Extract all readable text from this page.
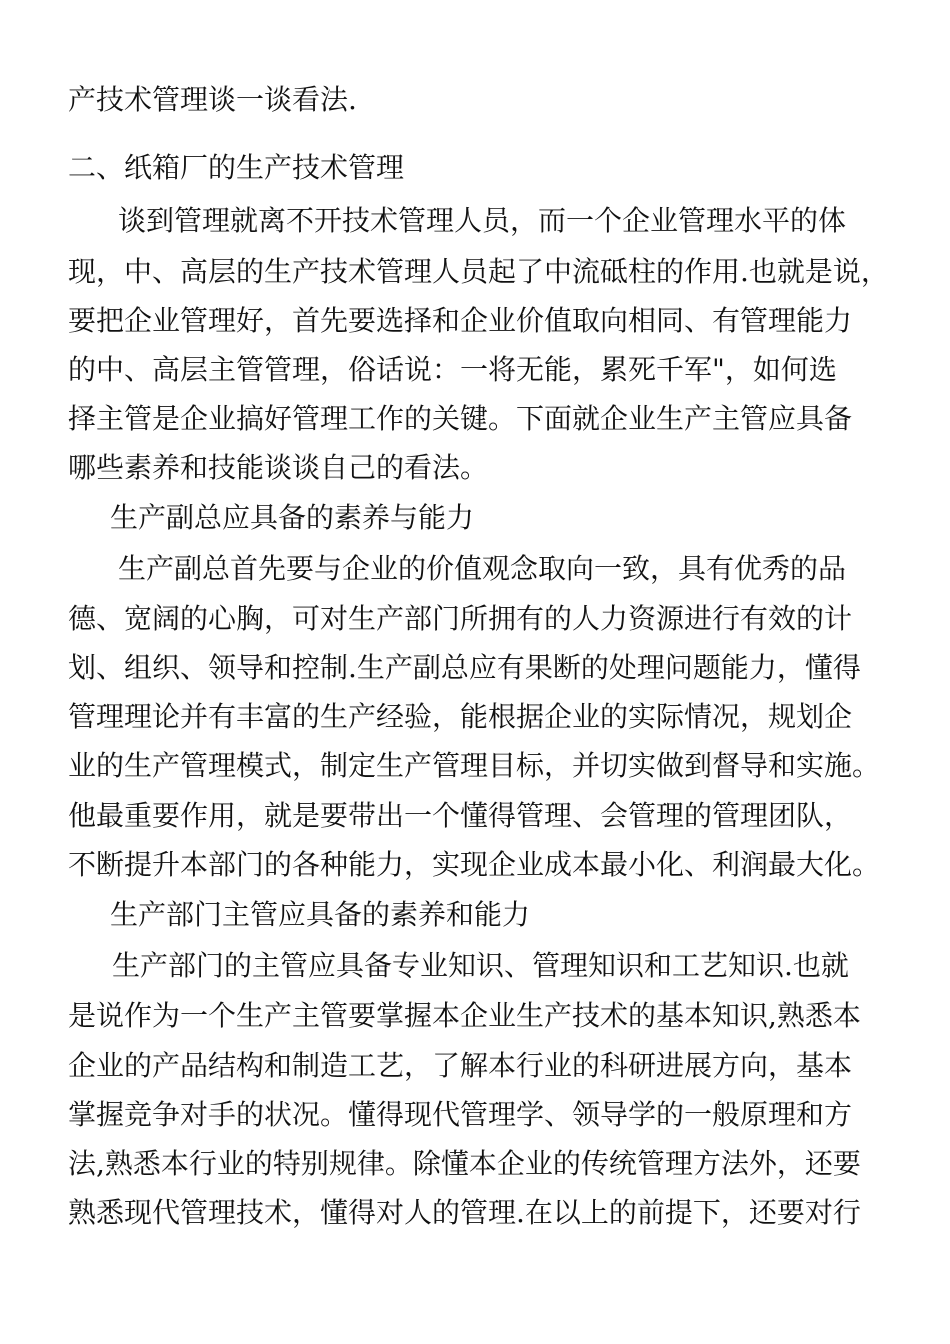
产技术管理谈一谈看法.
二、纸箱厂的生产技术管理
谈到管理就离不开技术管理人员，而一个企业管理水平的体
现，中、高层的生产技术管理人员起了中流砥柱的作用.也就是说，
要把企业管理好，首先要选择和企业价值取向相同、有管理能力
的中、高层主管管理，俗话说：一将无能，累死千军"，如何选
择主管是企业搞好管理工作的关键。下面就企业生产主管应具备
哪些素养和技能谈谈自己的看法。
生产副总应具备的素养与能力
生产副总首先要与企业的价值观念取向一致，具有优秀的品
德、宽阔的心胸，可对生产部门所拥有的人力资源进行有效的计
划、组织、领导和控制.生产副总应有果断的处理问题能力，懂得
管理理论并有丰富的生产经验，能根据企业的实际情况，规划企
业的生产管理模式，制定生产管理目标，并切实做到督导和实施。
他最重要作用，就是要带出一个懂得管理、会管理的管理团队，
不断提升本部门的各种能力，实现企业成本最小化、利润最大化。
生产部门主管应具备的素养和能力
生产部门的主管应具备专业知识、管理知识和工艺知识.也就
是说作为一个生产主管要掌握本企业生产技术的基本知识,熟悉本
企业的产品结构和制造工艺，了解本行业的科研进展方向，基本
掌握竞争对手的状况。懂得现代管理学、领导学的一般原理和方
法,熟悉本行业的特别规律。除懂本企业的传统管理方法外，还要
熟悉现代管理技术，懂得对人的管理.在以上的前提下，还要对行
